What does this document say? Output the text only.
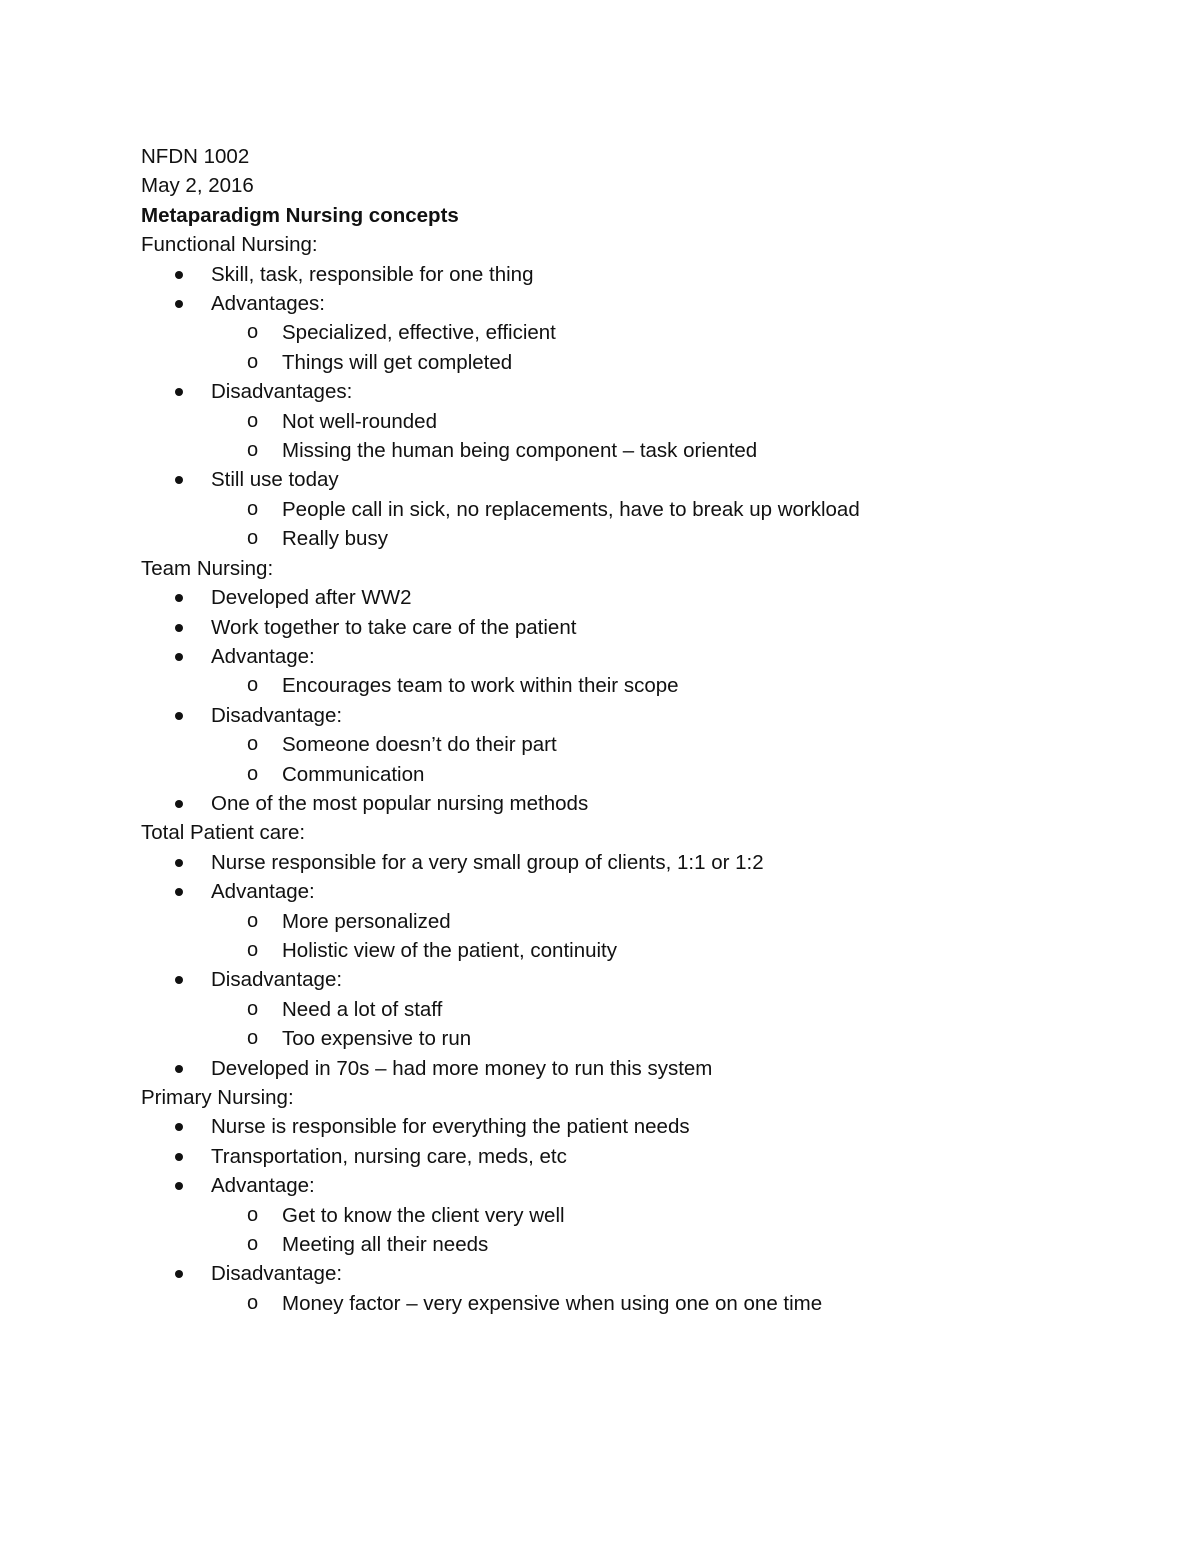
NFDN 1002

May 2, 2016

Metaparadigm Nursing concepts

Functional Nursing:

Skill, task, responsible for one thing
Advantages:
o Specialized, effective, efficient
o Things will get completed
Disadvantages:
o Not well-rounded
o Missing the human being component – task oriented
Still use today
o People call in sick, no replacements, have to break up workload
o Really busy

Team Nursing:

Developed after WW2
Work together to take care of the patient
Advantage:
o Encourages team to work within their scope
Disadvantage:
o Someone doesn’t do their part
o Communication
One of the most popular nursing methods

Total Patient care:

Nurse responsible for a very small group of clients, 1:1 or 1:2
Advantage:
o More personalized
o Holistic view of the patient, continuity
Disadvantage:
o Need a lot of staff
o Too expensive to run
Developed in 70s – had more money to run this system

Primary Nursing:

Nurse is responsible for everything the patient needs
Transportation, nursing care, meds, etc
Advantage:
o Get to know the client very well
o Meeting all their needs
Disadvantage:
o Money factor – very expensive when using one on one time
